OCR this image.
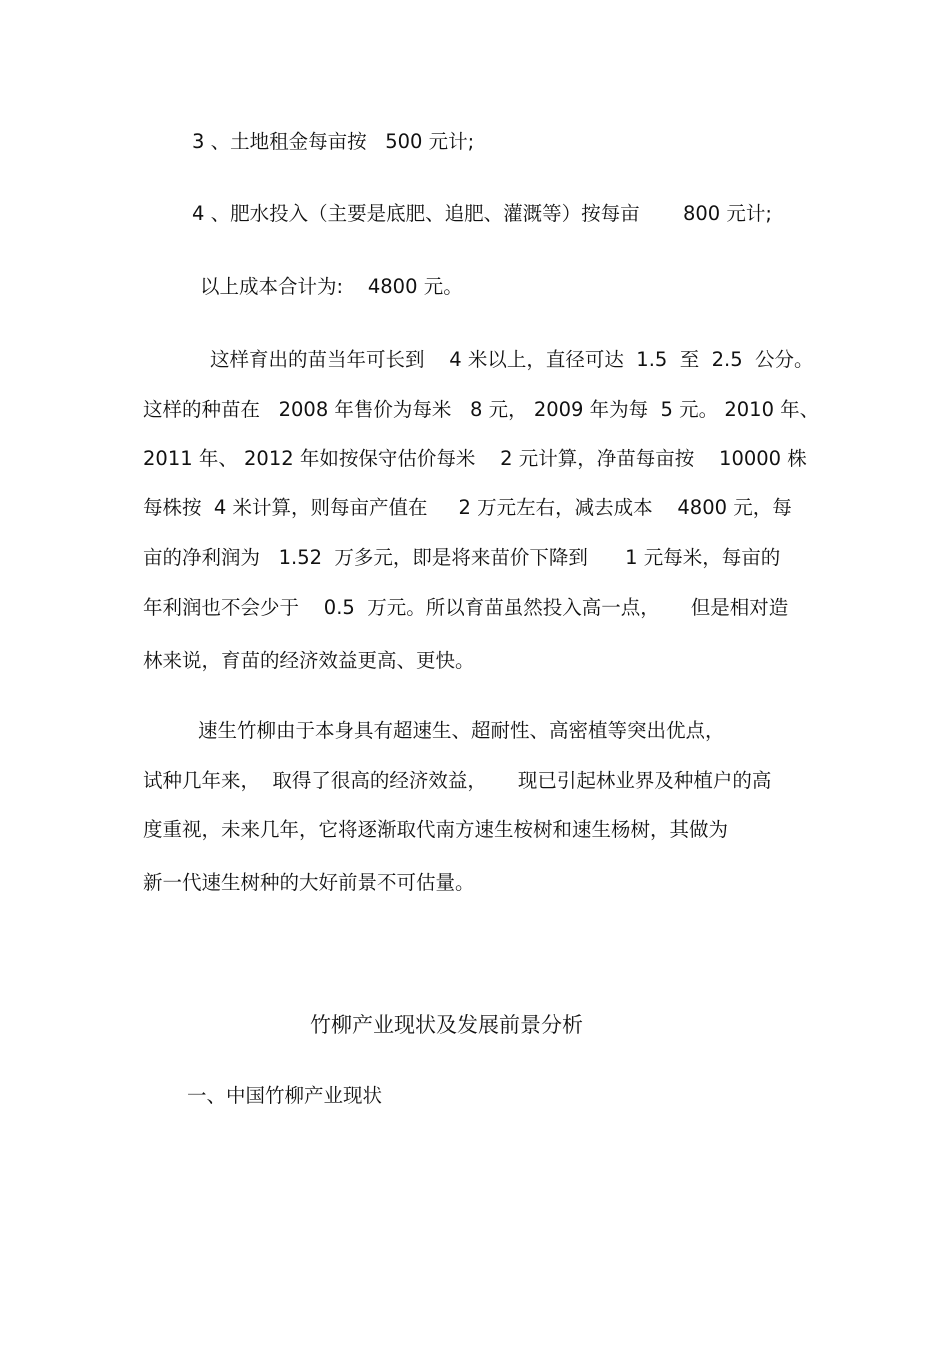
3 、土地租金每亩按   500 元计;

4 、肥水投入（主要是底肥、追肥、灌溉等）按每亩       800 元计;

以上成本合计为:    4800 元。

这样育出的苗当年可长到    4 米以上，直径可达  1.5  至  2.5  公分。

这样的种苗在   2008 年售价为每米   8 元， 2009 年为每  5 元。 2010 年、

2011 年、 2012 年如按保守估价每米    2 元计算，净苗每亩按    10000 株

每株按  4 米计算，则每亩产值在     2 万元左右，减去成本    4800 元，每

亩的净利润为   1.52  万多元，即是将来苗价下降到      1 元每米，每亩的

年利润也不会少于    0.5  万元。所以育苗虽然投入高一点，     但是相对造

林来说，育苗的经济效益更高、更快。

速生竹柳由于本身具有超速生、超耐性、高密植等突出优点，

试种几年来，  取得了很高的经济效益，     现已引起林业界及种植户的高

度重视，未来几年，它将逐渐取代南方速生桉树和速生杨树，其做为

新一代速生树种的大好前景不可估量。

竹柳产业现状及发展前景分析

一、中国竹柳产业现状
